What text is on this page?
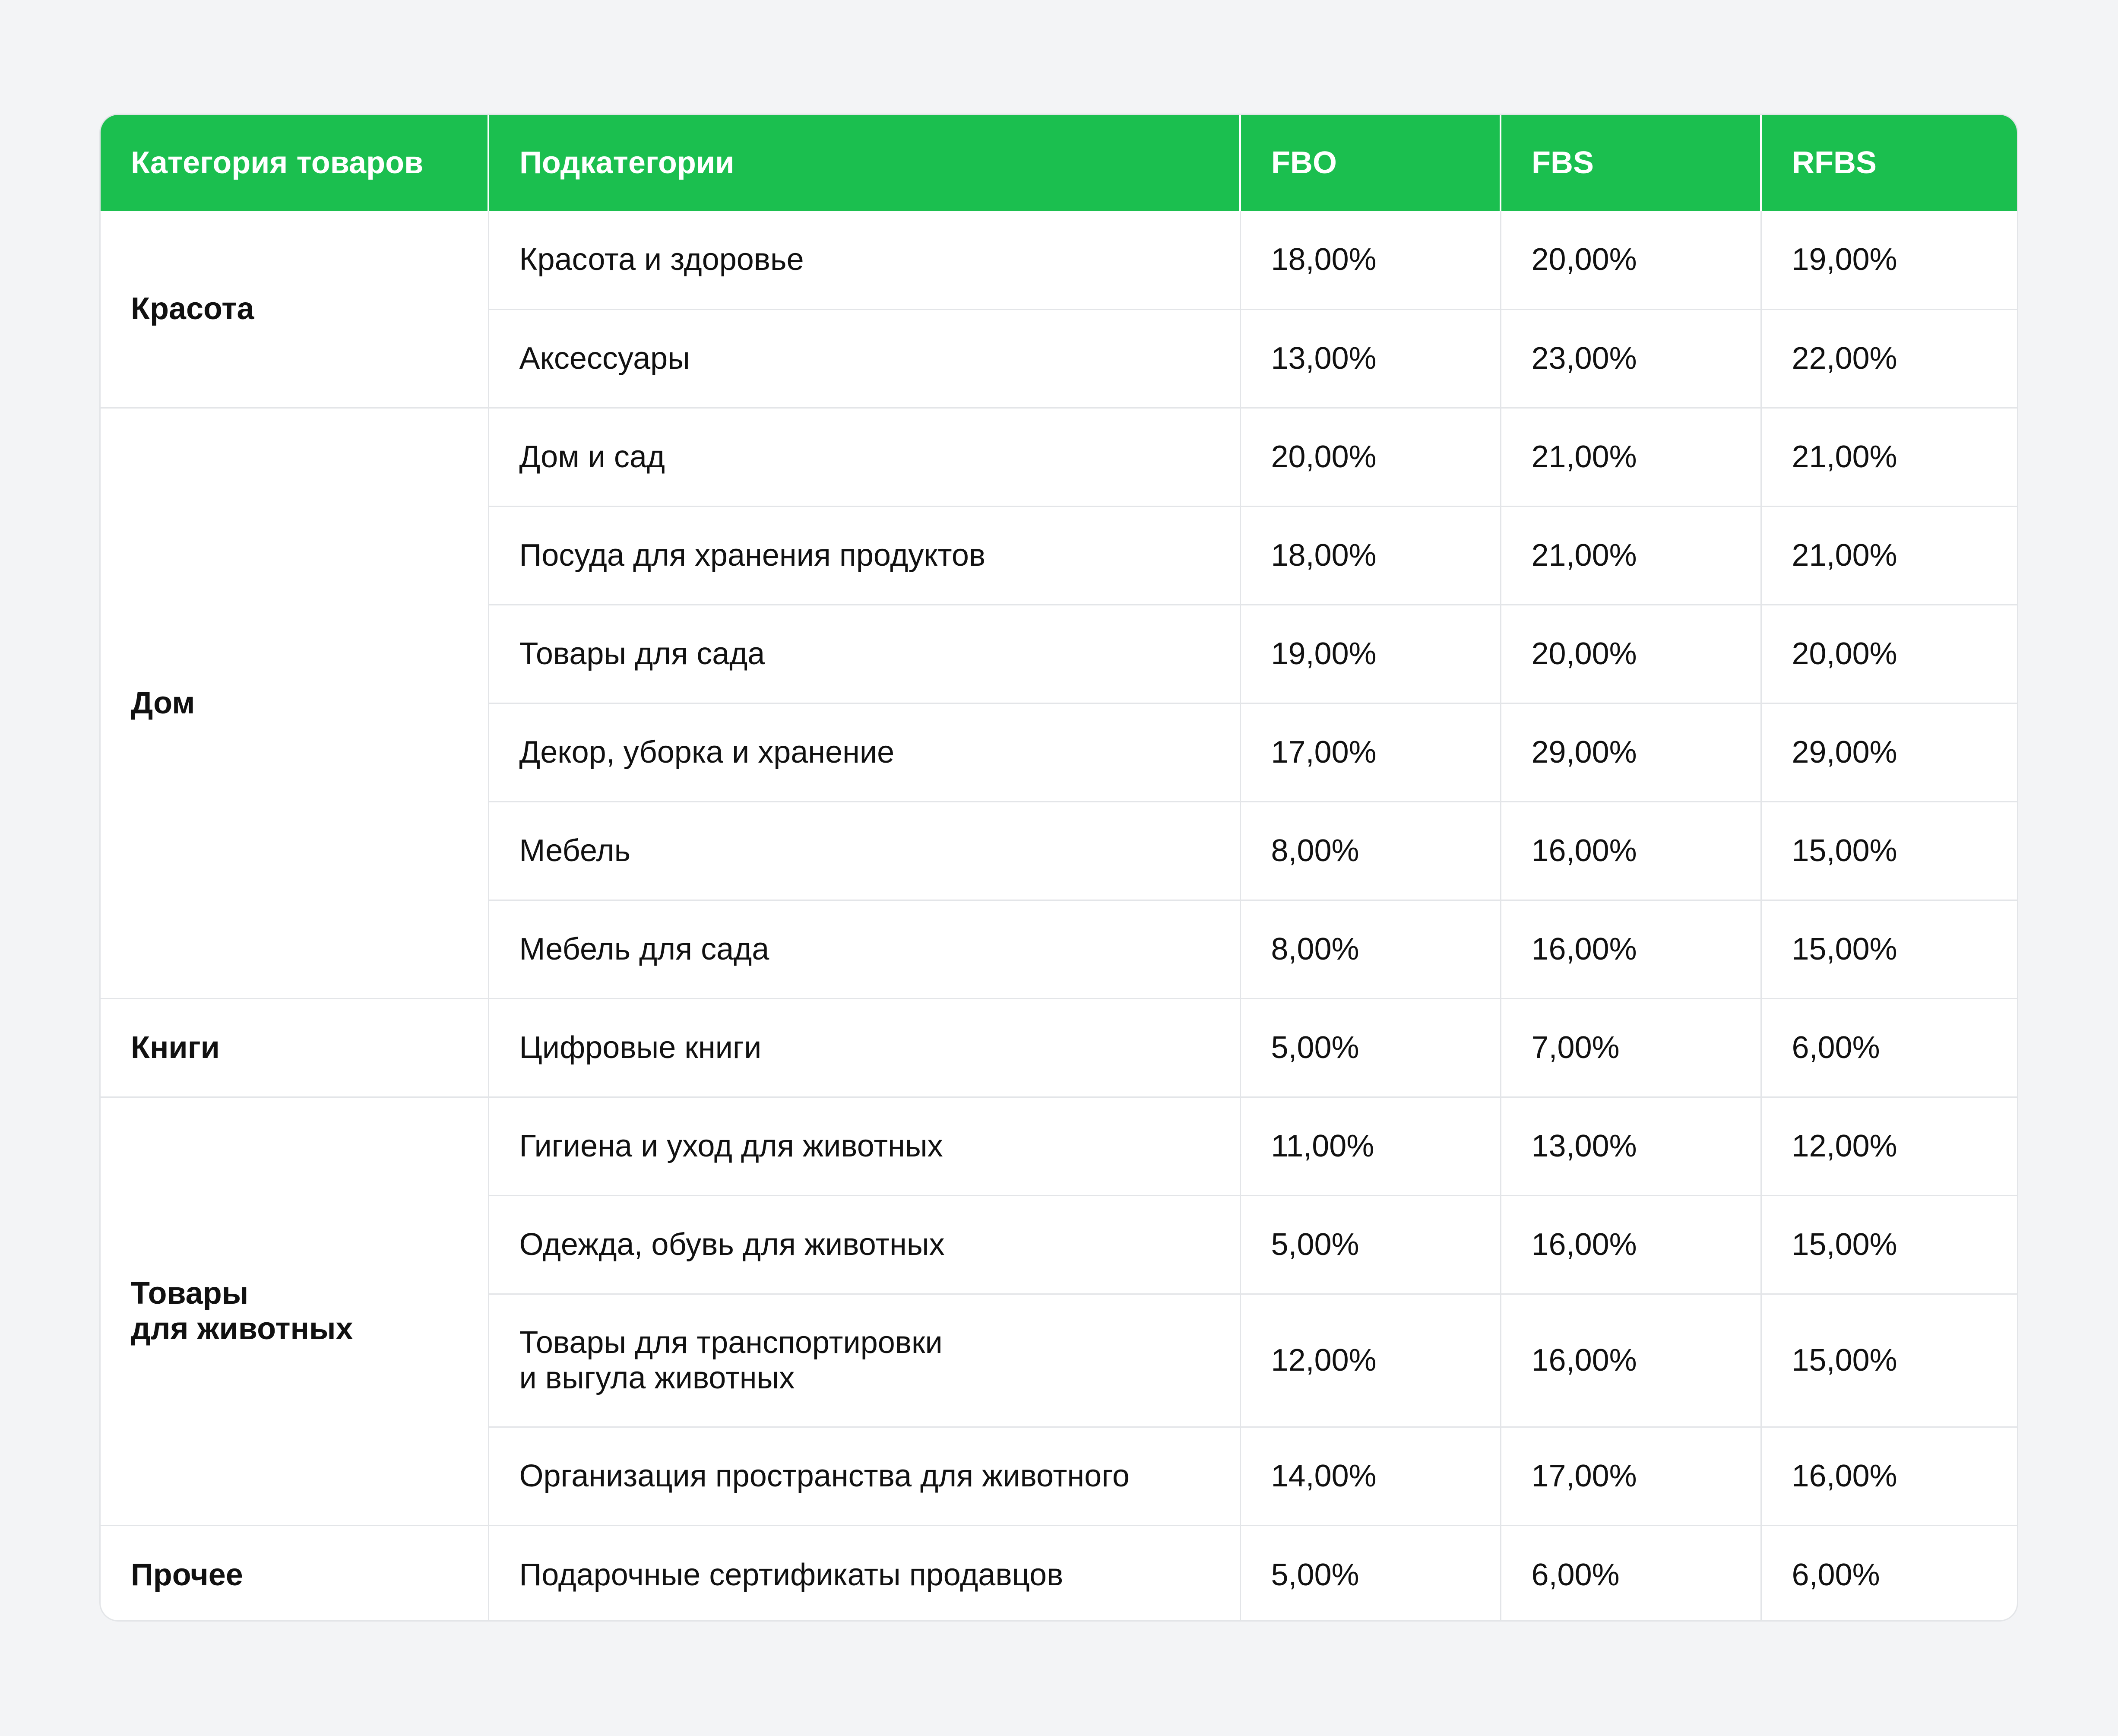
Категория товаров	Подкатегории	FBO	FBS	RFBS
Красота	Красота и здоровье	18,00%	20,00%	19,00%
	Аксессуары	13,00%	23,00%	22,00%
Дом	Дом и сад	20,00%	21,00%	21,00%
	Посуда для хранения продуктов	18,00%	21,00%	21,00%
	Товары для сада	19,00%	20,00%	20,00%
	Декор, уборка и хранение	17,00%	29,00%	29,00%
	Мебель	8,00%	16,00%	15,00%
	Мебель для сада	8,00%	16,00%	15,00%
Книги	Цифровые книги	5,00%	7,00%	6,00%
Товары
для животных	Гигиена и уход для животных	11,00%	13,00%	12,00%
	Одежда, обувь для животных	5,00%	16,00%	15,00%
	Товары для транспортировки
и выгула животных	12,00%	16,00%	15,00%
	Организация пространства для животного	14,00%	17,00%	16,00%
Прочее	Подарочные сертификаты продавцов	5,00%	6,00%	6,00%
